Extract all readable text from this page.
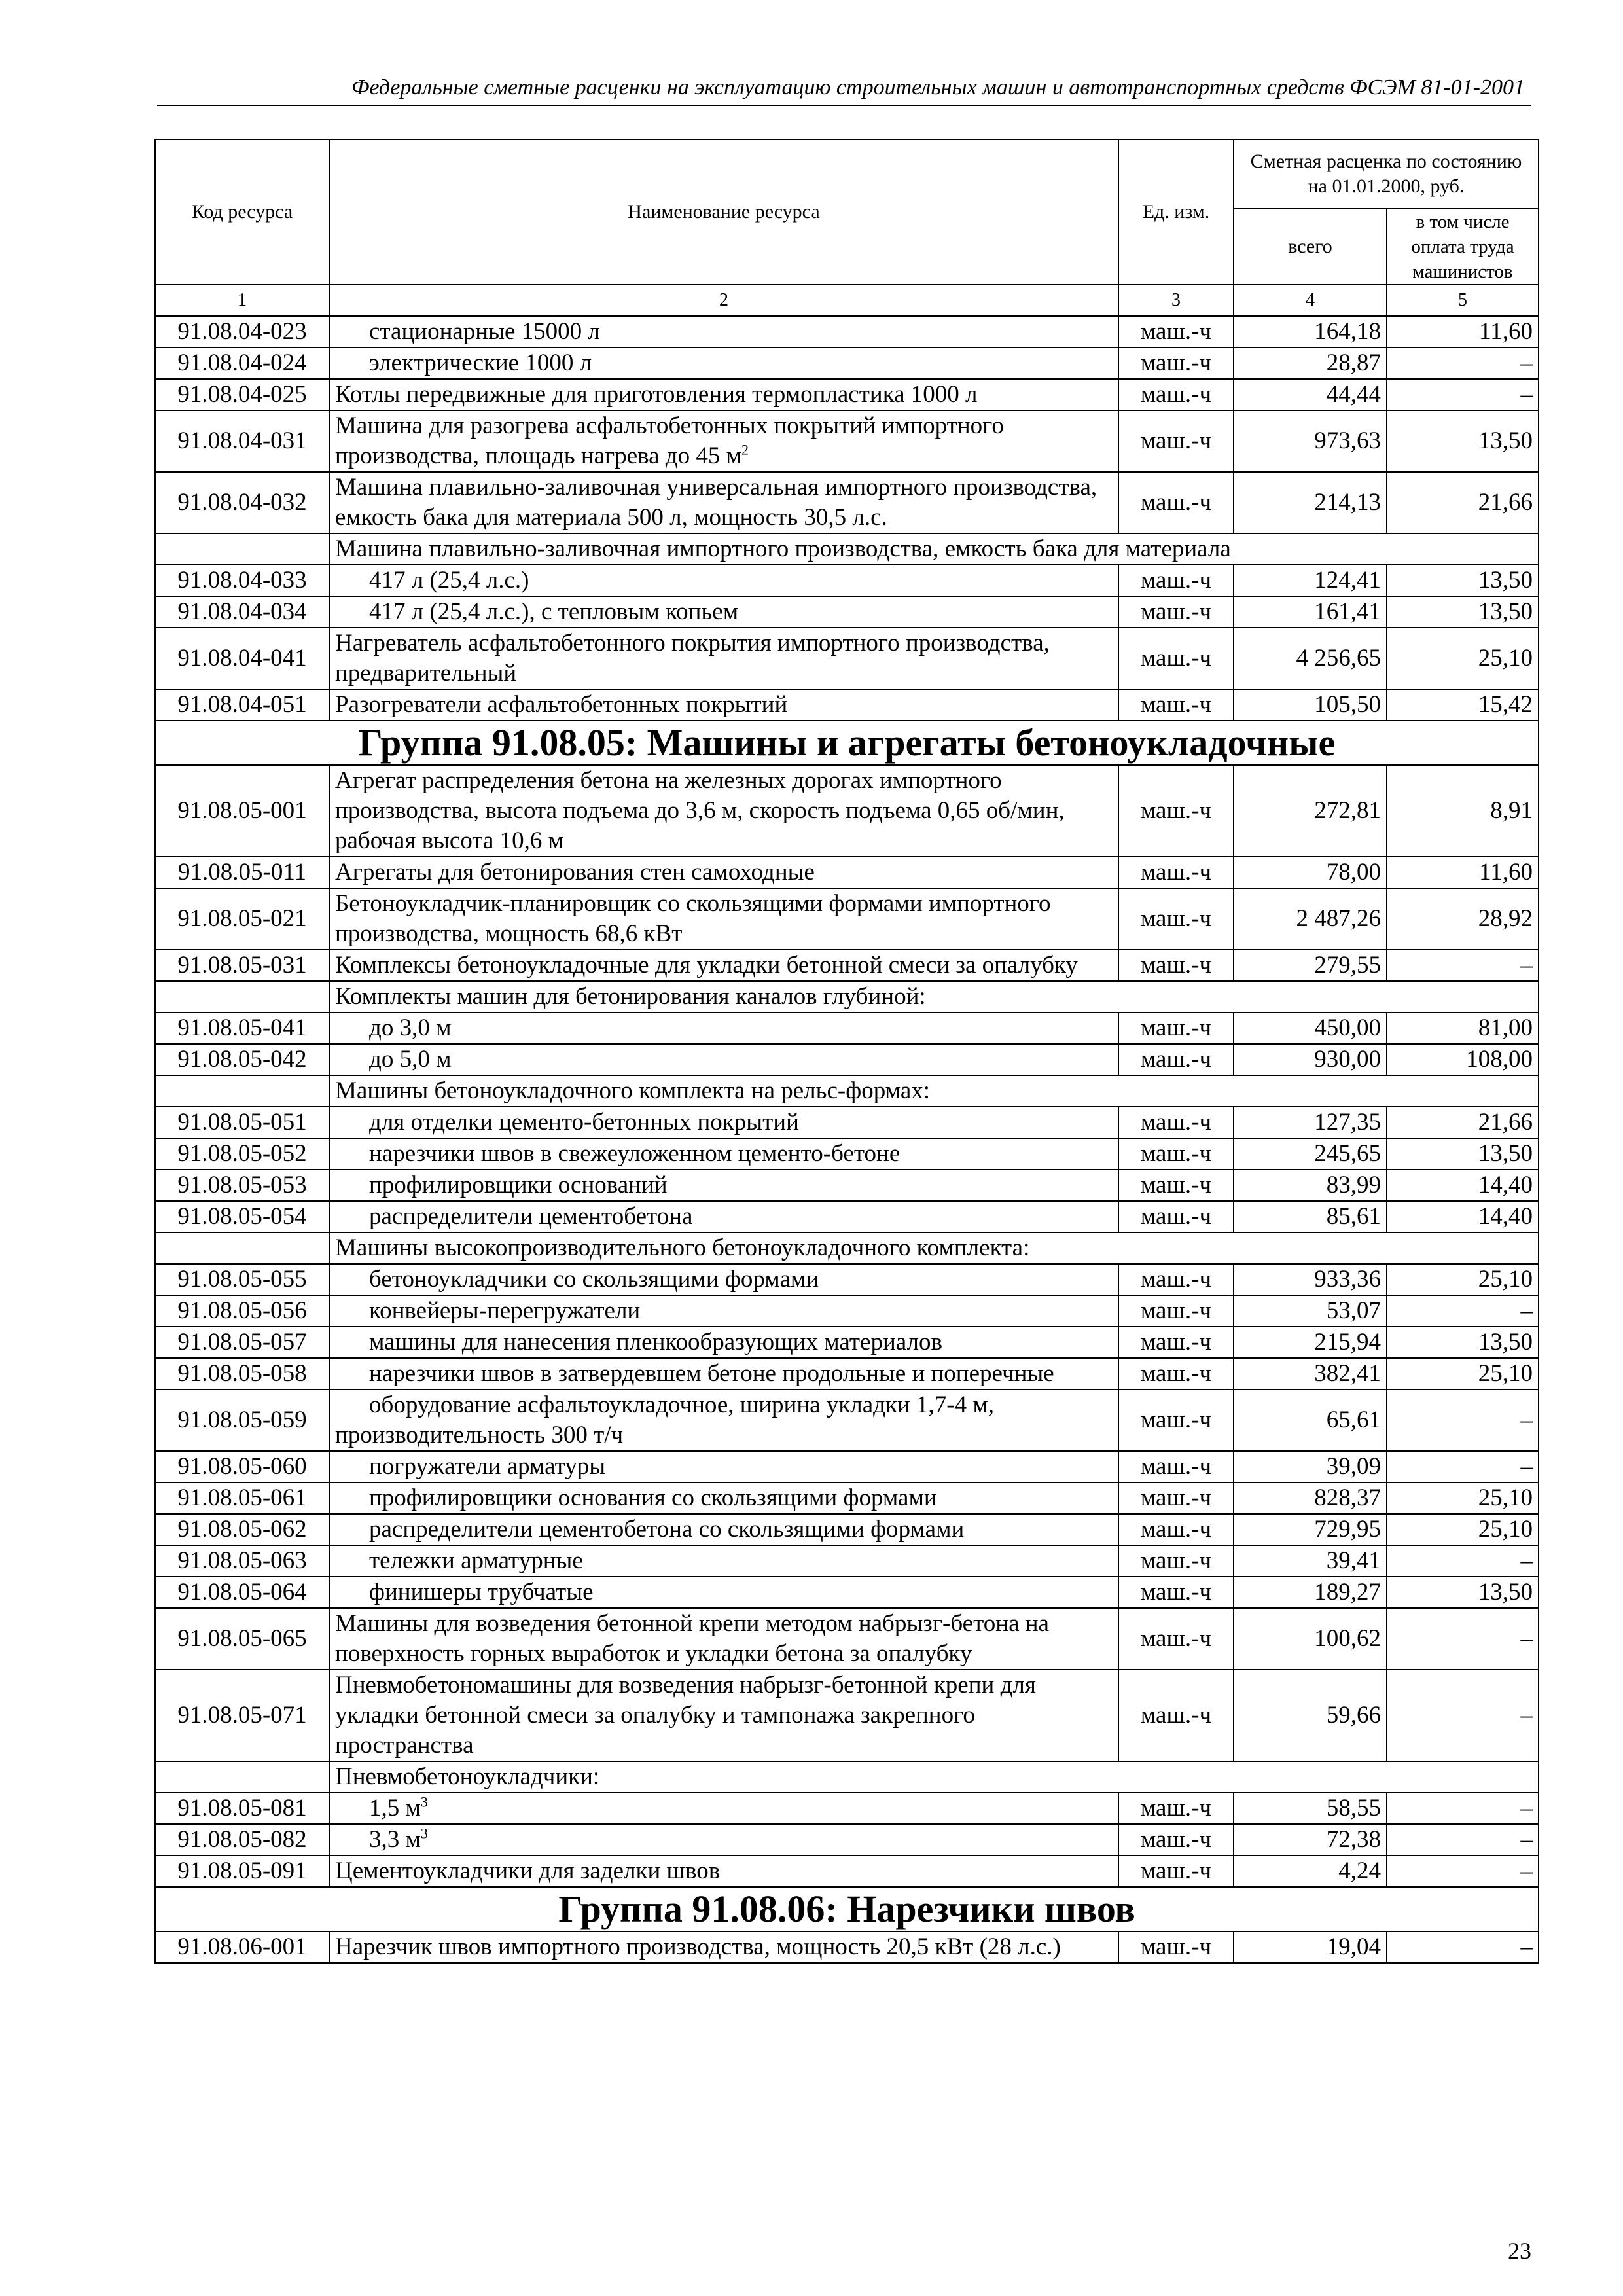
Федеральные сметные расценки на эксплуатацию строительных машин и автотранспортных средств ФСЭМ 81-01-2001
Код ресурса	Наименование ресурса	Ед. изм.	Сметная расценка по состоянию на 01.01.2000, руб.	
			всего	в том числе оплата труда машинистов
1	2	3	4	5
91.08.04-023	стационарные 15000 л	маш.-ч	164,18	11,60
91.08.04-024	электрические 1000 л	маш.-ч	28,87	–
91.08.04-025	Котлы передвижные для приготовления термопластика 1000 л	маш.-ч	44,44	–
91.08.04-031	Машина для разогрева асфальтобетонных покрытий импортного производства, площадь нагрева до 45 $м^2$	маш.-ч	973,63	13,50
91.08.04-032	Машина плавильно-заливочная универсальная импортного производства, емкость бака для материала 500 л, мощность 30,5 л.с.	маш.-ч	214,13	21,66
	Машина плавильно-заливочная импортного производства, емкость бака для материала			
91.08.04-033	417 л (25,4 л.с.)	маш.-ч	124,41	13,50
91.08.04-034	417 л (25,4 л.с.), с тепловым копьем	маш.-ч	161,41	13,50
91.08.04-041	Нагреватель асфальтобетонного покрытия импортного производства, предварительный	маш.-ч	4 256,65	25,10
91.08.04-051	Разогреватели асфальтобетонных покрытий	маш.-ч	105,50	15,42
Группа 91.08.05: Машины и агрегаты бетоноукладочные				
91.08.05-001	Агрегат распределения бетона на железных дорогах импортного производства, высота подъема до 3,6 м, скорость подъема 0,65 об/мин, рабочая высота 10,6 м	маш.-ч	272,81	8,91
91.08.05-011	Агрегаты для бетонирования стен самоходные	маш.-ч	78,00	11,60
91.08.05-021	Бетоноукладчик-планировщик со скользящими формами импортного производства, мощность 68,6 кВт	маш.-ч	2 487,26	28,92
91.08.05-031	Комплексы бетоноукладочные для укладки бетонной смеси за опалубку	маш.-ч	279,55	–
	Комплекты машин для бетонирования каналов глубиной:			
91.08.05-041	до 3,0 м	маш.-ч	450,00	81,00
91.08.05-042	до 5,0 м	маш.-ч	930,00	108,00
	Машины бетоноукладочного комплекта на рельс-формах:			
91.08.05-051	для отделки цементо-бетонных покрытий	маш.-ч	127,35	21,66
91.08.05-052	нарезчики швов в свежеуложенном цементо-бетоне	маш.-ч	245,65	13,50
91.08.05-053	профилировщики оснований	маш.-ч	83,99	14,40
91.08.05-054	распределители цементобетона	маш.-ч	85,61	14,40
	Машины высокопроизводительного бетоноукладочного комплекта:			
91.08.05-055	бетоноукладчики со скользящими формами	маш.-ч	933,36	25,10
91.08.05-056	конвейеры-перегружатели	маш.-ч	53,07	–
91.08.05-057	машины для нанесения пленкообразующих материалов	маш.-ч	215,94	13,50
91.08.05-058	нарезчики швов в затвердевшем бетоне продольные и поперечные	маш.-ч	382,41	25,10
91.08.05-059	оборудование асфальтоукладочное, ширина укладки 1,7-4 м, производительность 300 т/ч	маш.-ч	65,61	–
91.08.05-060	погружатели арматуры	маш.-ч	39,09	–
91.08.05-061	профилировщики основания со скользящими формами	маш.-ч	828,37	25,10
91.08.05-062	распределители цементобетона со скользящими формами	маш.-ч	729,95	25,10
91.08.05-063	тележки арматурные	маш.-ч	39,41	–
91.08.05-064	финишеры трубчатые	маш.-ч	189,27	13,50
91.08.05-065	Машины для возведения бетонной крепи методом набрызг-бетона на поверхность горных выработок и укладки бетона за опалубку	маш.-ч	100,62	–
91.08.05-071	Пневмобетономашины для возведения набрызг-бетонной крепи для укладки бетонной смеси за опалубку и тампонажа закрепного пространства	маш.-ч	59,66	–
	Пневмобетоноукладчики:			
91.08.05-081	1,5 $м^3$	маш.-ч	58,55	–
91.08.05-082	3,3 $м^3$	маш.-ч	72,38	–
91.08.05-091	Цементоукладчики для заделки швов	маш.-ч	4,24	–
Группа 91.08.06: Нарезчики швов				
91.08.06-001	Нарезчик швов импортного производства, мощность 20,5 кВт (28 л.с.)	маш.-ч	19,04	–
23
